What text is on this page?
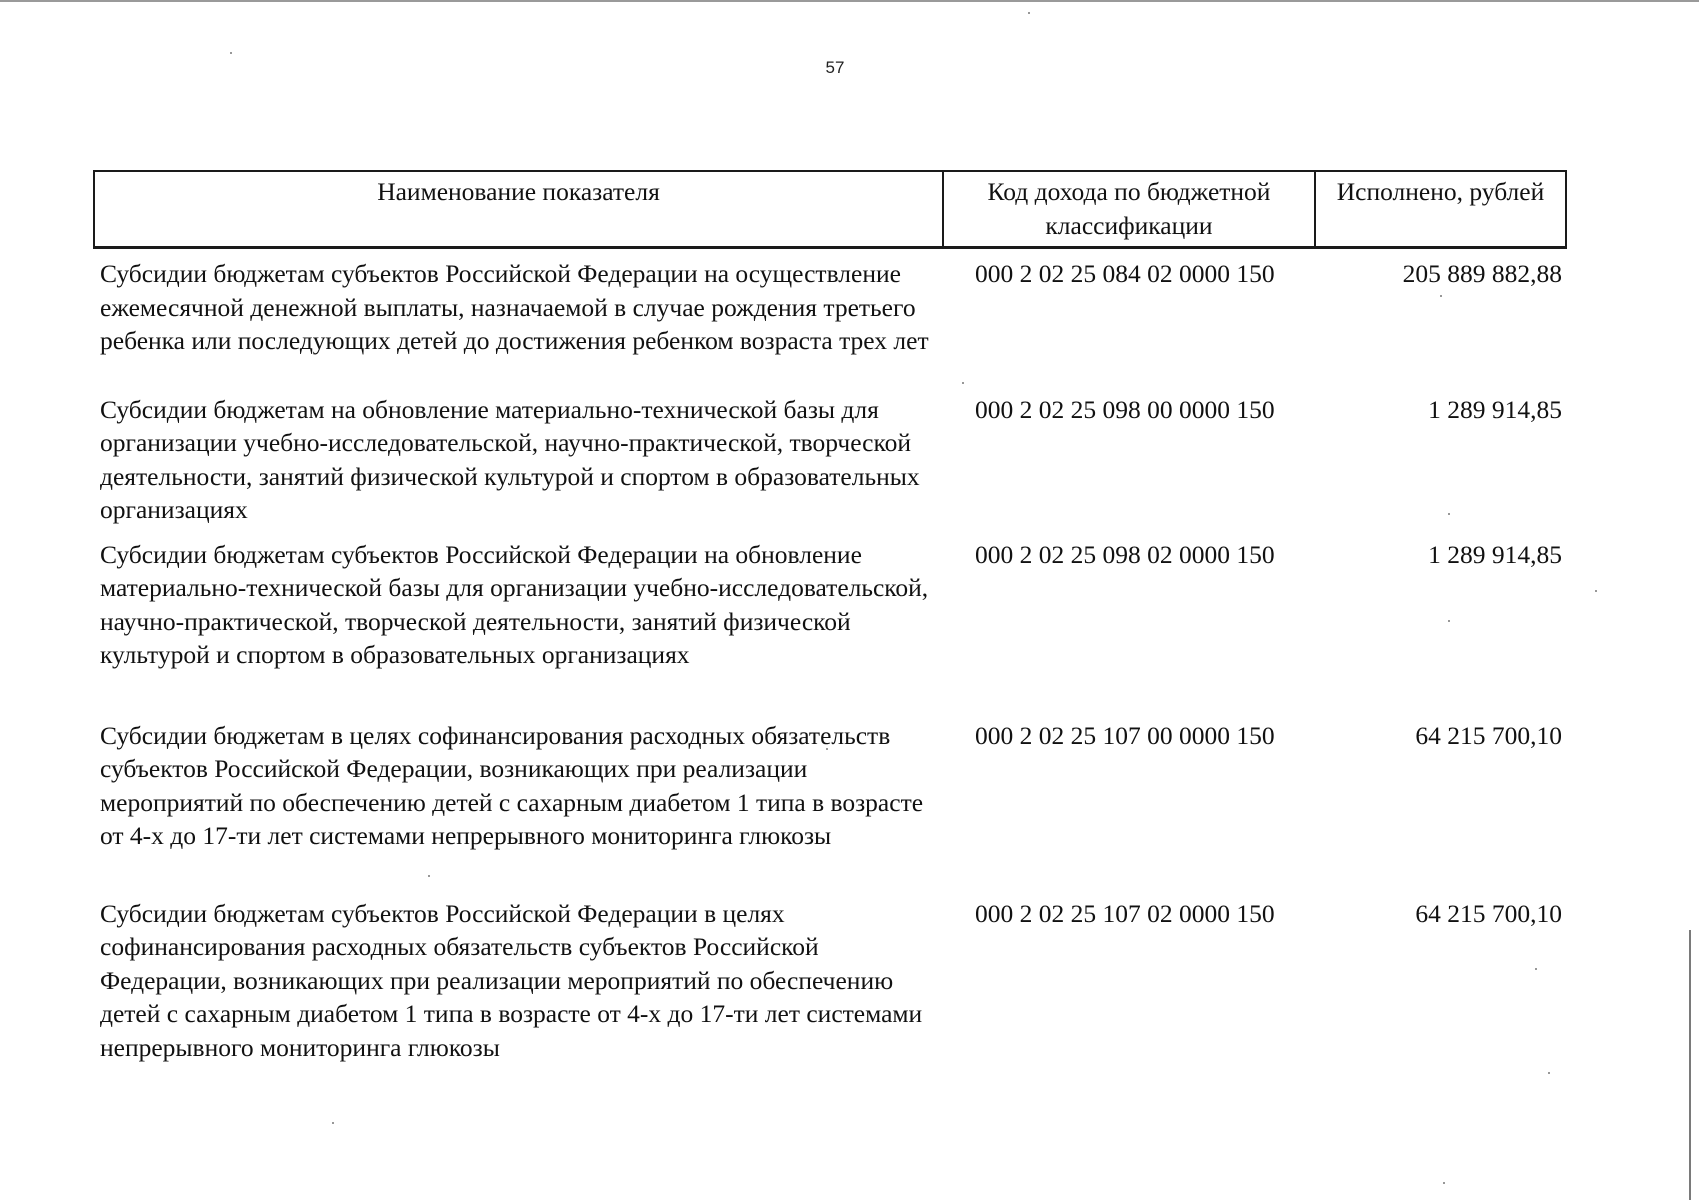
57
Наименование показателя	Код дохода по бюджетной классификации	Исполнено, рублей
Субсидии бюджетам субъектов Российской Федерации на осуществление ежемесячной денежной выплаты, назначаемой в случае рождения третьего ребенка или последующих детей до достижения ребенком возраста трех лет	000 2 02 25 084 02 0000 150	205 889 882,88
Субсидии бюджетам на обновление материально-технической базы для организации учебно-исследовательской, научно-практической, творческой деятельности, занятий физической культурой и спортом в образовательных организациях	000 2 02 25 098 00 0000 150	1 289 914,85
Субсидии бюджетам субъектов Российской Федерации на обновление материально-технической базы для организации учебно-исследовательской, научно-практической, творческой деятельности, занятий физической культурой и спортом в образовательных организациях	000 2 02 25 098 02 0000 150	1 289 914,85
Субсидии бюджетам в целях софинансирования расходных обязательств субъектов Российской Федерации, возникающих при реализации мероприятий по обеспечению детей с сахарным диабетом 1 типа в возрасте от 4-х до 17-ти лет системами непрерывного мониторинга глюкозы	000 2 02 25 107 00 0000 150	64 215 700,10
Субсидии бюджетам субъектов Российской Федерации в целях софинансирования расходных обязательств субъектов Российской Федерации, возникающих при реализации мероприятий по обеспечению детей с сахарным диабетом 1 типа в возрасте от 4-х до 17-ти лет системами непрерывного мониторинга глюкозы	000 2 02 25 107 02 0000 150	64 215 700,10
